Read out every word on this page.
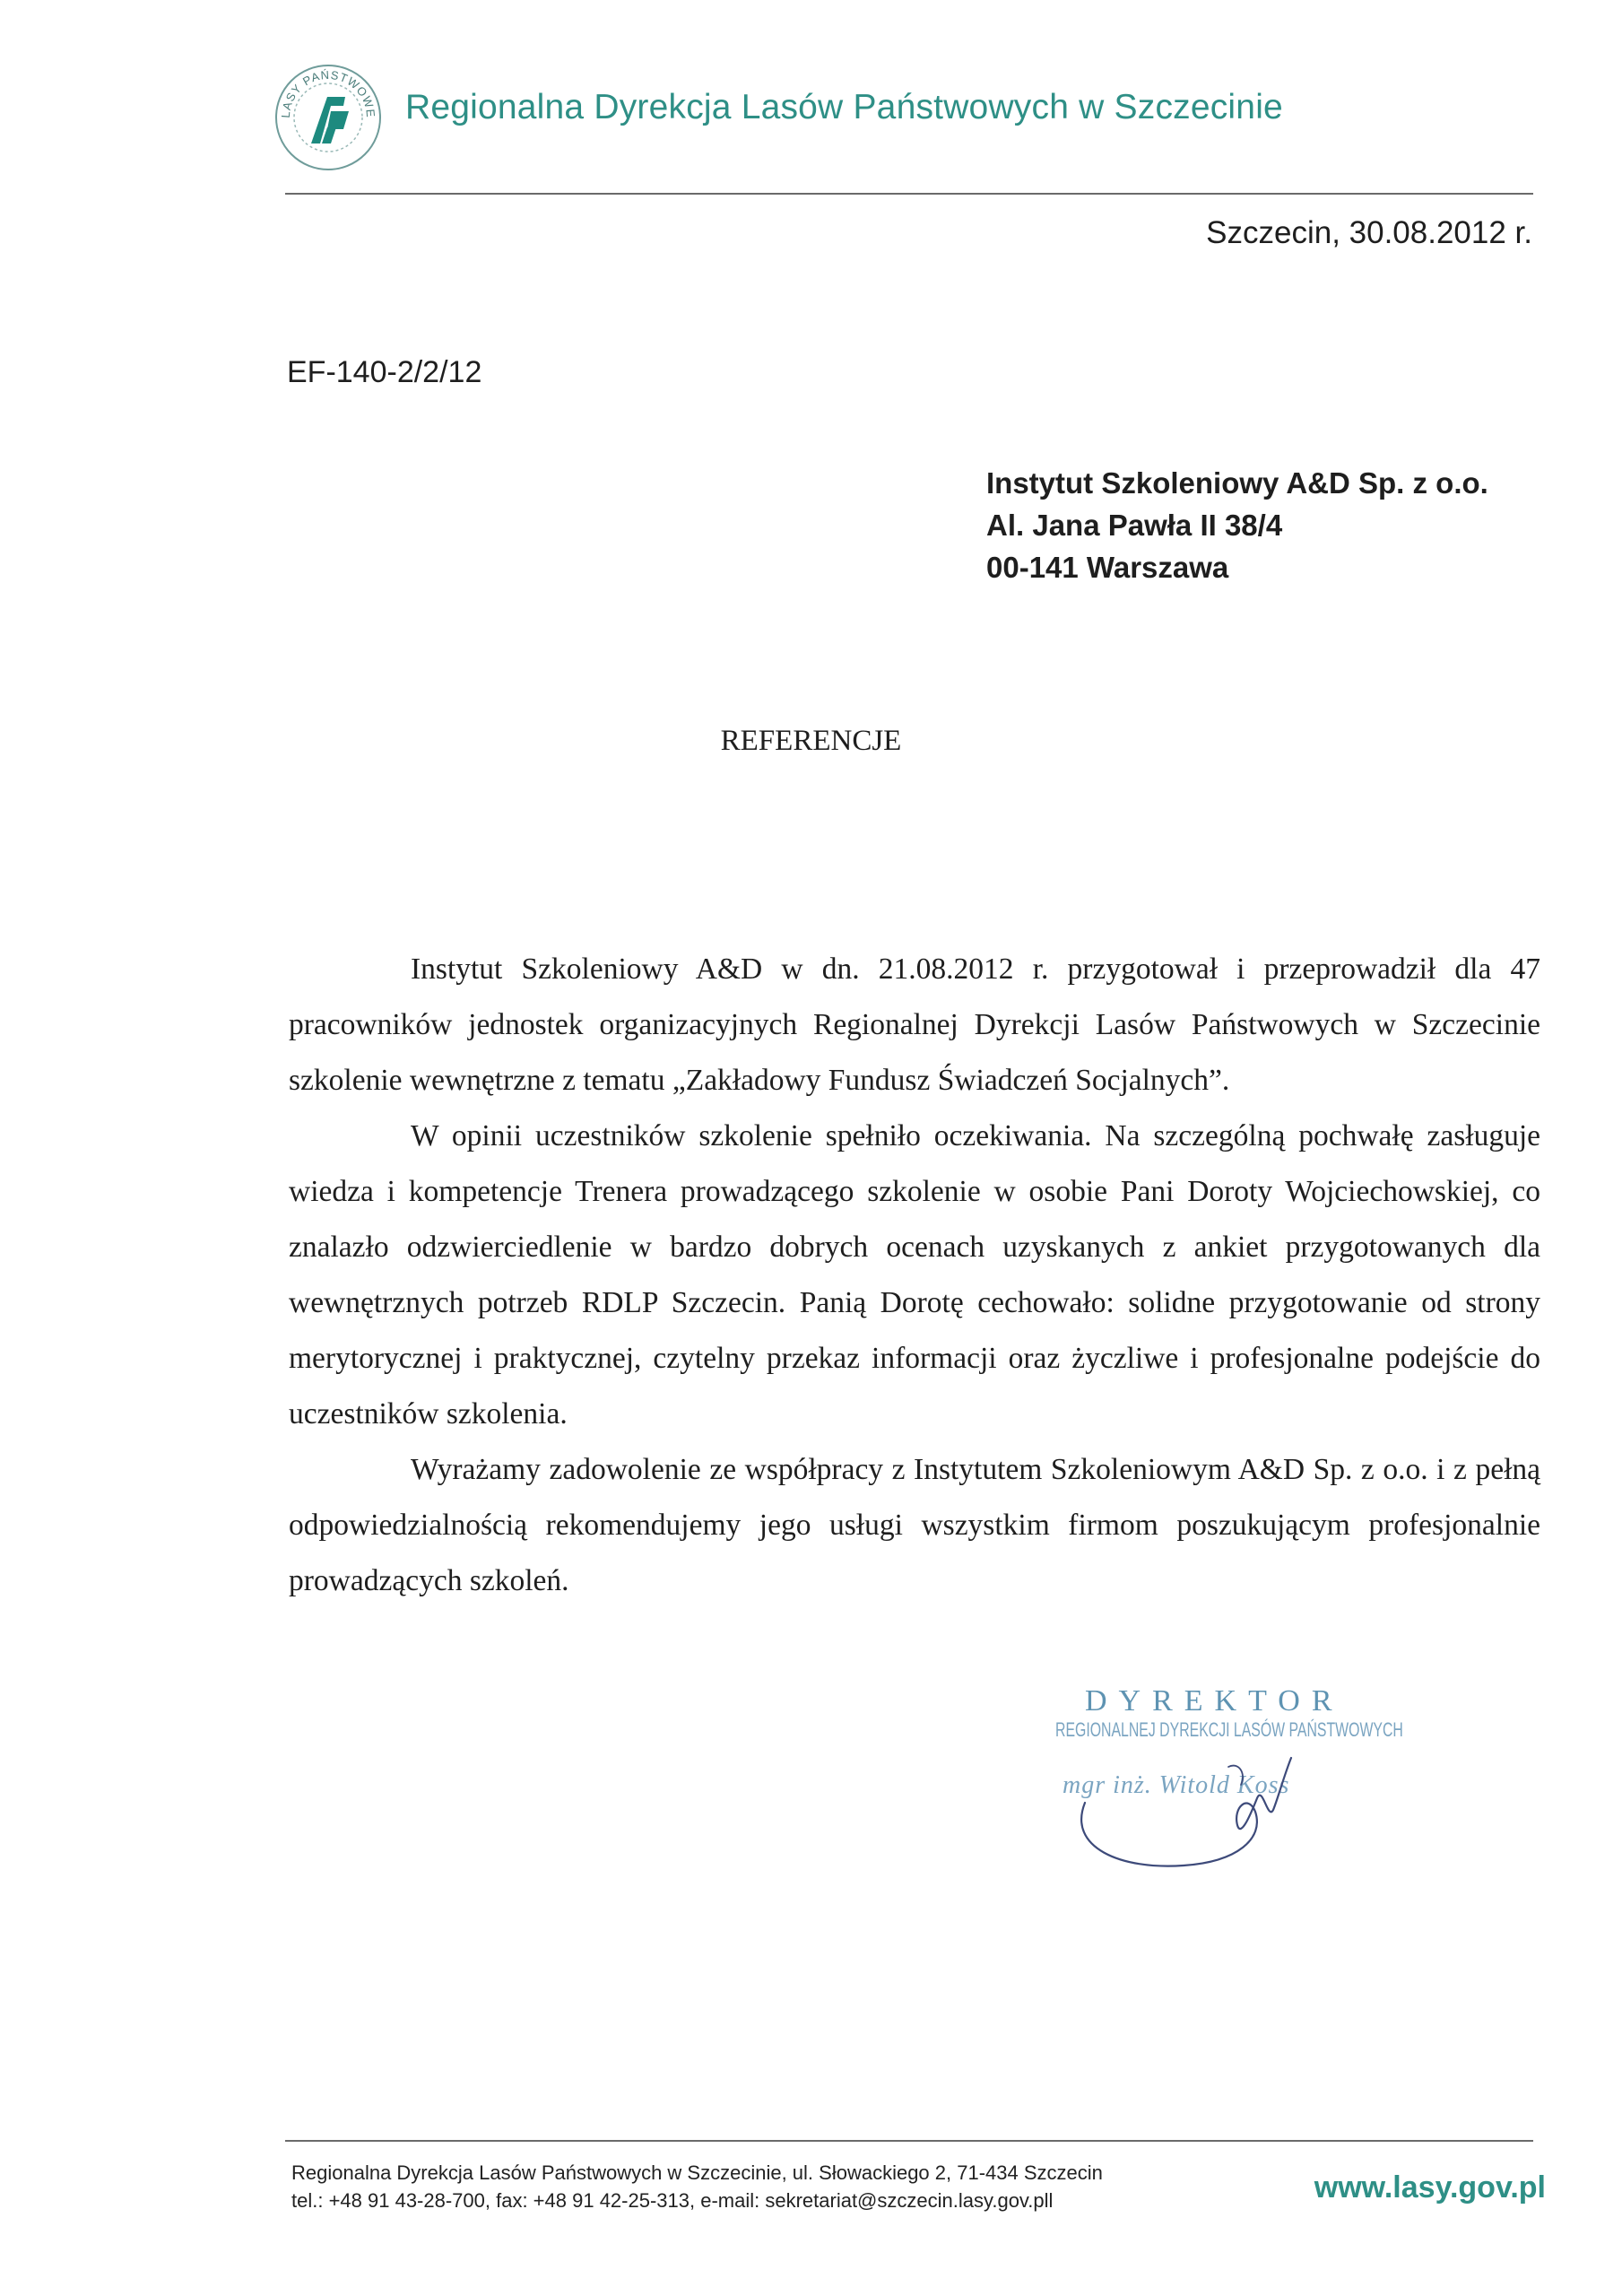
LASY PAŃSTWOWE Regionalna Dyrekcja Lasów Państwowych w Szczecinie
Szczecin, 30.08.2012 r.
EF-140-2/2/12
Instytut Szkoleniowy A&D Sp. z o.o.
Al. Jana Pawła II 38/4
00-141 Warszawa
REFERENCJE

Instytut Szkoleniowy A&D w dn. 21.08.2012 r. przygotował i przeprowadził dla 47 pracowników jednostek organizacyjnych Regionalnej Dyrekcji Lasów Państwowych w Szczecinie szkolenie wewnętrzne z tematu „Zakładowy Fundusz Świadczeń Socjalnych”.

W opinii uczestników szkolenie spełniło oczekiwania. Na szczególną pochwałę zasługuje wiedza i kompetencje Trenera prowadzącego szkolenie w osobie Pani Doroty Wojciechowskiej, co znalazło odzwierciedlenie w bardzo dobrych ocenach uzyskanych z ankiet przygotowanych dla wewnętrznych potrzeb RDLP Szczecin. Panią Dorotę cechowało: solidne przygotowanie od strony merytorycznej i praktycznej, czytelny przekaz informacji oraz życzliwe i profesjonalne podejście do uczestników szkolenia.

Wyrażamy zadowolenie ze współpracy z Instytutem Szkoleniowym A&D Sp. z o.o. i z pełną odpowiedzialnością rekomendujemy jego usługi wszystkim firmom poszukującym profesjonalnie prowadzących szkoleń.

DYREKTOR
REGIONALNEJ DYREKCJI LASÓW PAŃSTWOWYCH
mgr inż. Witold Koss
Regionalna Dyrekcja Lasów Państwowych w Szczecinie, ul. Słowackiego 2, 71-434 Szczecin
tel.: +48 91 43-28-700, fax: +48 91 42-25-313, e-mail: sekretariat@szczecin.lasy.gov.pll	www.lasy.gov.pl
